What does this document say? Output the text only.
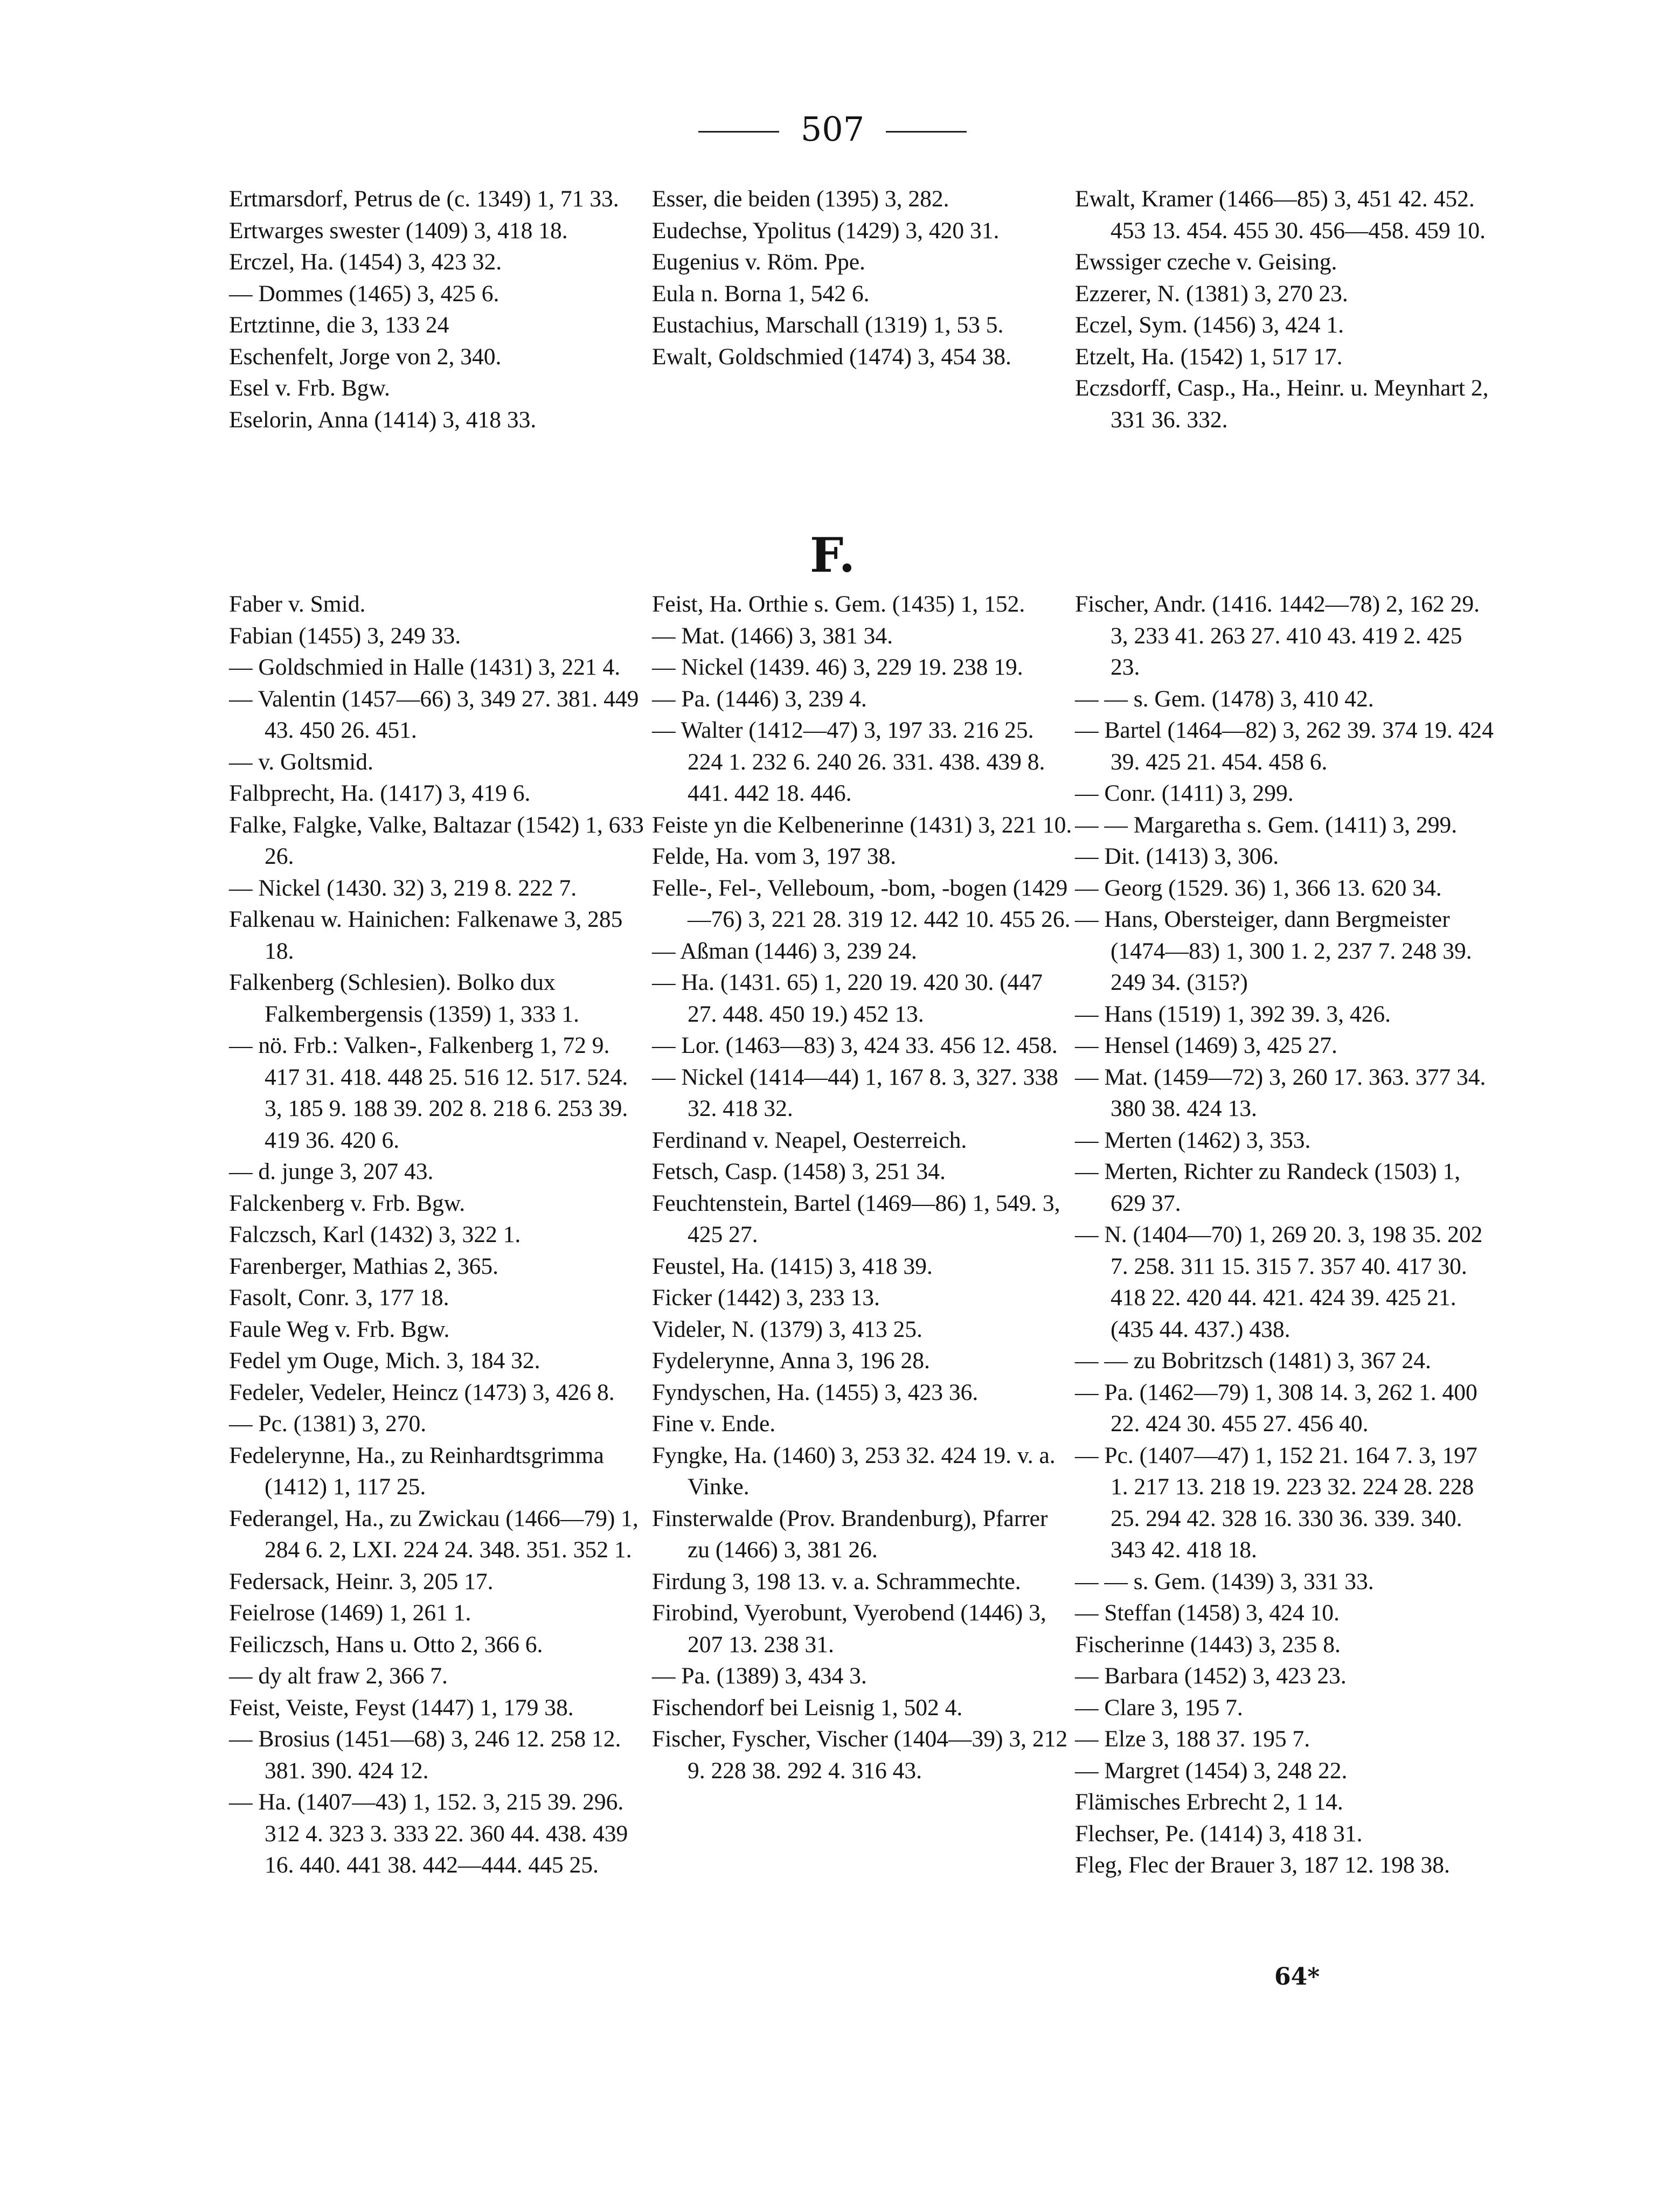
507

Ertmarsdorf, Petrus de (c. 1349) 1, 71 33.

Ertwarges swester (1409) 3, 418 18.

Erczel, Ha. (1454) 3, 423 32.

— Dommes (1465) 3, 425 6.

Ertztinne, die 3, 133 24

Eschenfelt, Jorge von 2, 340.

Esel v. Frb. Bgw.

Eselorin, Anna (1414) 3, 418 33.

Esser, die beiden (1395) 3, 282.

Eudechse, Ypolitus (1429) 3, 420 31.

Eugenius v. Röm. Ppe.

Eula n. Borna 1, 542 6.

Eustachius, Marschall (1319) 1, 53 5.

Ewalt, Goldschmied (1474) 3, 454 38.

Ewalt, Kramer (1466—85) 3, 451 42. 452. 453 13. 454. 455 30. 456—458. 459 10.

Ewssiger czeche v. Geising.

Ezzerer, N. (1381) 3, 270 23.

Eczel, Sym. (1456) 3, 424 1.

Etzelt, Ha. (1542) 1, 517 17.

Eczsdorff, Casp., Ha., Heinr. u. Meynhart 2, 331 36. 332.

F.

Faber v. Smid.

Fabian (1455) 3, 249 33.

— Goldschmied in Halle (1431) 3, 221 4.

— Valentin (1457—66) 3, 349 27. 381. 449 43. 450 26. 451.

— v. Goltsmid.

Falbprecht, Ha. (1417) 3, 419 6.

Falke, Falgke, Valke, Baltazar (1542) 1, 633 26.

— Nickel (1430. 32) 3, 219 8. 222 7.

Falkenau w. Hainichen: Falkenawe 3, 285 18.

Falkenberg (Schlesien). Bolko dux Falkembergensis (1359) 1, 333 1.

— nö. Frb.: Valken-, Falkenberg 1, 72 9. 417 31. 418. 448 25. 516 12. 517. 524. 3, 185 9. 188 39. 202 8. 218 6. 253 39. 419 36. 420 6.

— d. junge 3, 207 43.

Falckenberg v. Frb. Bgw.

Falczsch, Karl (1432) 3, 322 1.

Farenberger, Mathias 2, 365.

Fasolt, Conr. 3, 177 18.

Faule Weg v. Frb. Bgw.

Fedel ym Ouge, Mich. 3, 184 32.

Fedeler, Vedeler, Heincz (1473) 3, 426 8.

— Pc. (1381) 3, 270.

Fedelerynne, Ha., zu Reinhardtsgrimma (1412) 1, 117 25.

Federangel, Ha., zu Zwickau (1466—79) 1, 284 6. 2, LXI. 224 24. 348. 351. 352 1.

Federsack, Heinr. 3, 205 17.

Feielrose (1469) 1, 261 1.

Feiliczsch, Hans u. Otto 2, 366 6.

— dy alt fraw 2, 366 7.

Feist, Veiste, Feyst (1447) 1, 179 38.

— Brosius (1451—68) 3, 246 12. 258 12. 381. 390. 424 12.

— Ha. (1407—43) 1, 152. 3, 215 39. 296. 312 4. 323 3. 333 22. 360 44. 438. 439 16. 440. 441 38. 442—444. 445 25.

Feist, Ha. Orthie s. Gem. (1435) 1, 152.

— Mat. (1466) 3, 381 34.

— Nickel (1439. 46) 3, 229 19. 238 19.

— Pa. (1446) 3, 239 4.

— Walter (1412—47) 3, 197 33. 216 25. 224 1. 232 6. 240 26. 331. 438. 439 8. 441. 442 18. 446.

Feiste yn die Kelbenerinne (1431) 3, 221 10.

Felde, Ha. vom 3, 197 38.

Felle-, Fel-, Velleboum, -bom, -bogen (1429—76) 3, 221 28. 319 12. 442 10. 455 26.

— Aßman (1446) 3, 239 24.

— Ha. (1431. 65) 1, 220 19. 420 30. (447 27. 448. 450 19.) 452 13.

— Lor. (1463—83) 3, 424 33. 456 12. 458.

— Nickel (1414—44) 1, 167 8. 3, 327. 338 32. 418 32.

Ferdinand v. Neapel, Oesterreich.

Fetsch, Casp. (1458) 3, 251 34.

Feuchtenstein, Bartel (1469—86) 1, 549. 3, 425 27.

Feustel, Ha. (1415) 3, 418 39.

Ficker (1442) 3, 233 13.

Videler, N. (1379) 3, 413 25.

Fydelerynne, Anna 3, 196 28.

Fyndyschen, Ha. (1455) 3, 423 36.

Fine v. Ende.

Fyngke, Ha. (1460) 3, 253 32. 424 19. v. a. Vinke.

Finsterwalde (Prov. Brandenburg), Pfarrer zu (1466) 3, 381 26.

Firdung 3, 198 13. v. a. Schrammechte.

Firobind, Vyerobunt, Vyerobend (1446) 3, 207 13. 238 31.

— Pa. (1389) 3, 434 3.

Fischendorf bei Leisnig 1, 502 4.

Fischer, Fyscher, Vischer (1404—39) 3, 212 9. 228 38. 292 4. 316 43.

Fischer, Andr. (1416. 1442—78) 2, 162 29. 3, 233 41. 263 27. 410 43. 419 2. 425 23.

— — s. Gem. (1478) 3, 410 42.

— Bartel (1464—82) 3, 262 39. 374 19. 424 39. 425 21. 454. 458 6.

— Conr. (1411) 3, 299.

— — Margaretha s. Gem. (1411) 3, 299.

— Dit. (1413) 3, 306.

— Georg (1529. 36) 1, 366 13. 620 34.

— Hans, Obersteiger, dann Bergmeister (1474—83) 1, 300 1. 2, 237 7. 248 39. 249 34. (315?)

— Hans (1519) 1, 392 39. 3, 426.

— Hensel (1469) 3, 425 27.

— Mat. (1459—72) 3, 260 17. 363. 377 34. 380 38. 424 13.

— Merten (1462) 3, 353.

— Merten, Richter zu Randeck (1503) 1, 629 37.

— N. (1404—70) 1, 269 20. 3, 198 35. 202 7. 258. 311 15. 315 7. 357 40. 417 30. 418 22. 420 44. 421. 424 39. 425 21. (435 44. 437.) 438.

— — zu Bobritzsch (1481) 3, 367 24.

— Pa. (1462—79) 1, 308 14. 3, 262 1. 400 22. 424 30. 455 27. 456 40.

— Pc. (1407—47) 1, 152 21. 164 7. 3, 197 1. 217 13. 218 19. 223 32. 224 28. 228 25. 294 42. 328 16. 330 36. 339. 340. 343 42. 418 18.

— — s. Gem. (1439) 3, 331 33.

— Steffan (1458) 3, 424 10.

Fischerinne (1443) 3, 235 8.

— Barbara (1452) 3, 423 23.

— Clare 3, 195 7.

— Elze 3, 188 37. 195 7.

— Margret (1454) 3, 248 22.

Flämisches Erbrecht 2, 1 14.

Flechser, Pe. (1414) 3, 418 31.

Fleg, Flec der Brauer 3, 187 12. 198 38.

64*
